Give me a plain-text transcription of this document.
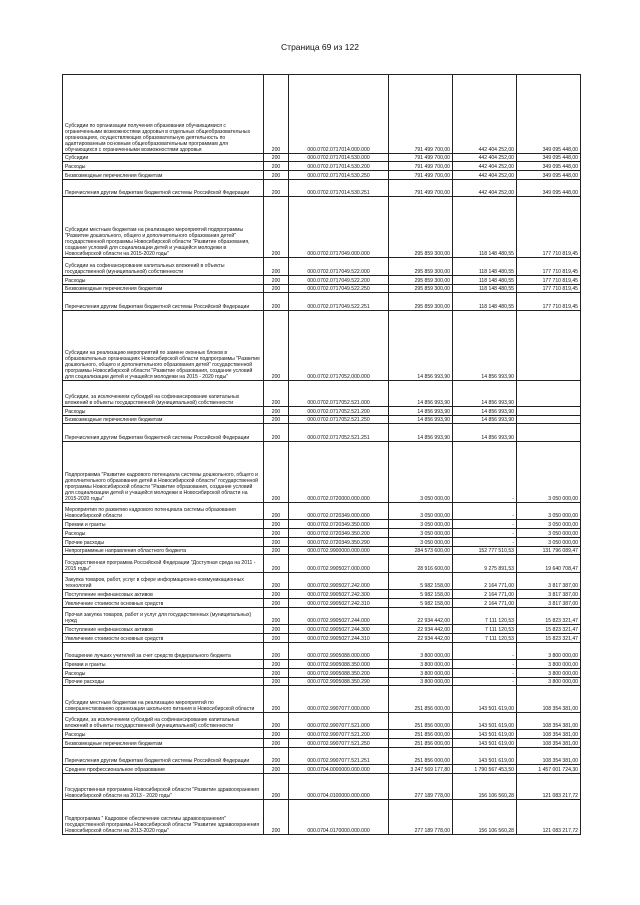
Страница 69 из 122
Субсидии по организации получения образования обучающимися с ограниченными возможностями здоровья в отдельных общеобразовательных организациях, осуществляющих образовательную деятельность по адаптированным основным общеобразовательным программам для обучающихся с ограниченными возможностями здоровья	200	000.0702.0717014.000.000	791 499 700,00	442 404 252,00	349 095 448,00
Субсидии	200	000.0702.0717014.530.000	791 499 700,00	442 404 252,00	349 095 448,00
Расходы	200	000.0702.0717014.530.200	791 499 700,00	442 404 252,00	349 095 448,00
Безвозмездные перечисления бюджетам	200	000.0702.0717014.530.250	791 499 700,00	442 404 252,00	349 095 448,00
Перечисления другим бюджетам бюджетной системы Российской Федерации	200	000.0702.0717014.530.251	791 499 700,00	442 404 252,00	349 095 448,00
Субсидии местным бюджетам на реализацию мероприятий подпрограммы "Развитие дошкольного, общего и дополнительного образования детей" государственной программы Новосибирской области "Развитие образования, создание условий для социализации детей и учащейся молодежи в Новосибирской области на 2015-2020 годы"	200	000.0702.0717049.000.000	295 859 300,00	118 148 480,55	177 710 819,45
Субсидии на софинансирование капитальных вложений в объекты государственной (муниципальной) собственности	200	000.0702.0717049.522.000	295 859 300,00	118 148 480,55	177 710 819,45
Расходы	200	000.0702.0717049.522.200	295 859 300,00	118 148 480,55	177 710 819,45
Безвозмездные перечисления бюджетам	200	000.0702.0717049.522.250	295 859 300,00	118 148 480,55	177 710 819,45
Перечисления другим бюджетам бюджетной системы Российской Федерации	200	000.0702.0717049.522.251	295 859 300,00	118 148 480,55	177 710 819,45
Субсидии на реализацию мероприятий по замене оконных блоков в образовательных организациях Новосибирской области подпрограммы "Развитие дошкольного, общего и дополнительного образования детей" государственной программы Новосибирской области "Развитие образования, создание условий для социализации детей и учащейся молодежи на 2015 - 2020 годы"	200	000.0702.0717052.000.000	14 856 993,90	14 856 993,90	
Субсидии, за исключением субсидий на софинансирование капитальных вложений в объекты государственной (муниципальной) собственности	200	000.0702.0717052.521.000	14 856 993,90	14 856 993,90	
Расходы	200	000.0702.0717052.521.200	14 856 993,90	14 856 993,90	
Безвозмездные перечисления бюджетам	200	000.0702.0717052.521.250	14 856 993,90	14 856 993,90	
Перечисления другим бюджетам бюджетной системы Российской Федерации	200	000.0702.0717052.521.251	14 856 993,90	14 856 993,90	
Подпрограмма "Развитие кадрового потенциала системы дошкольного, общего и дополнительного образования детей в Новосибирской области" государственной программы Новосибирской области "Развитие образования, создание условий для социализации детей и учащейся молодежи в Новосибирской области на 2015-2020 годы"	200	000.0702.0720000.000.000	3 050 000,00	-	3 050 000,00
Мероприятия по развитию кадрового потенциала системы образования Новосибирской области	200	000.0702.0720349.000.000	3 050 000,00	-	3 050 000,00
Премии и гранты	200	000.0702.0720349.350.000	3 050 000,00	-	3 050 000,00
Расходы	200	000.0702.0720349.350.200	3 050 000,00	-	3 050 000,00
Прочие расходы	200	000.0702.0720349.350.290	3 050 000,00	-	3 050 000,00
Непрограммные направления областного бюджета	200	000.0702.9900000.000.000	284 573 600,00	152 777 510,53	131 796 089,47
Государственная программа Российской Федерации "Доступная среда на 2011 - 2015 годы"	200	000.0702.9905027.000.000	28 916 600,00	9 275 891,53	19 640 708,47
Закупка товаров, работ, услуг в сфере информационно-коммуникационных технологий	200	000.0702.9905027.242.000	5 982 158,00	2 164 771,00	3 817 387,00
Поступление нефинансовых активов	200	000.0702.9905027.242.300	5 982 158,00	2 164 771,00	3 817 387,00
Увеличение стоимости основных средств	200	000.0702.9905027.242.310	5 982 158,00	2 164 771,00	3 817 387,00
Прочая закупка товаров, работ и услуг для государственных (муниципальных) нужд	200	000.0702.9905027.244.000	22 934 442,00	7 111 120,53	15 823 321,47
Поступление нефинансовых активов	200	000.0702.9905027.244.300	22 934 442,00	7 111 120,53	15 823 321,47
Увеличение стоимости основных средств	200	000.0702.9905027.244.310	22 934 442,00	7 111 120,53	15 823 321,47
Поощрение лучших учителей за счет средств федерального бюджета	200	000.0702.9905088.000.000	3 800 000,00	-	3 800 000,00
Премии и гранты	200	000.0702.9905088.350.000	3 800 000,00	-	3 800 000,00
Расходы	200	000.0702.9905088.350.200	3 800 000,00	-	3 800 000,00
Прочие расходы	200	000.0702.9905088.350.290	3 800 000,00	-	3 800 000,00
Субсидии местным бюджетам на реализацию мероприятий по совершенствованию организации школьного питания в Новосибирской области	200	000.0702.9907077.000.000	251 856 000,00	143 501 619,00	108 354 381,00
Субсидии, за исключением субсидий на софинансирование капитальных вложений в объекты государственной (муниципальной) собственности	200	000.0702.9907077.521.000	251 856 000,00	143 501 619,00	108 354 381,00
Расходы	200	000.0702.9907077.521.200	251 856 000,00	143 501 619,00	108 354 381,00
Безвозмездные перечисления бюджетам	200	000.0702.9907077.521.250	251 856 000,00	143 501 619,00	108 354 381,00
Перечисления другим бюджетам бюджетной системы Российской Федерации	200	000.0702.9907077.521.251	251 856 000,00	143 501 619,00	108 354 381,00
Среднее профессиональное образование	200	000.0704.0000000.000.000	3 247 569 177,80	1 790 567 453,50	1 457 001 724,30
Государственная программа Новосибирской области "Развитие здравоохранения Новосибирской области на 2013 - 2020 годы"	200	000.0704.0100000.000.000	277 189 778,00	156 106 560,28	121 083 217,72
Подпрограмма " Кадровое обеспечение системы здравоохранения" государственной программы Новосибирской области "Развитие здравоохранения Новосибирской области на 2013-2020 годы"	200	000.0704.0170000.000.000	277 189 778,00	156 106 560,28	121 083 217,72
